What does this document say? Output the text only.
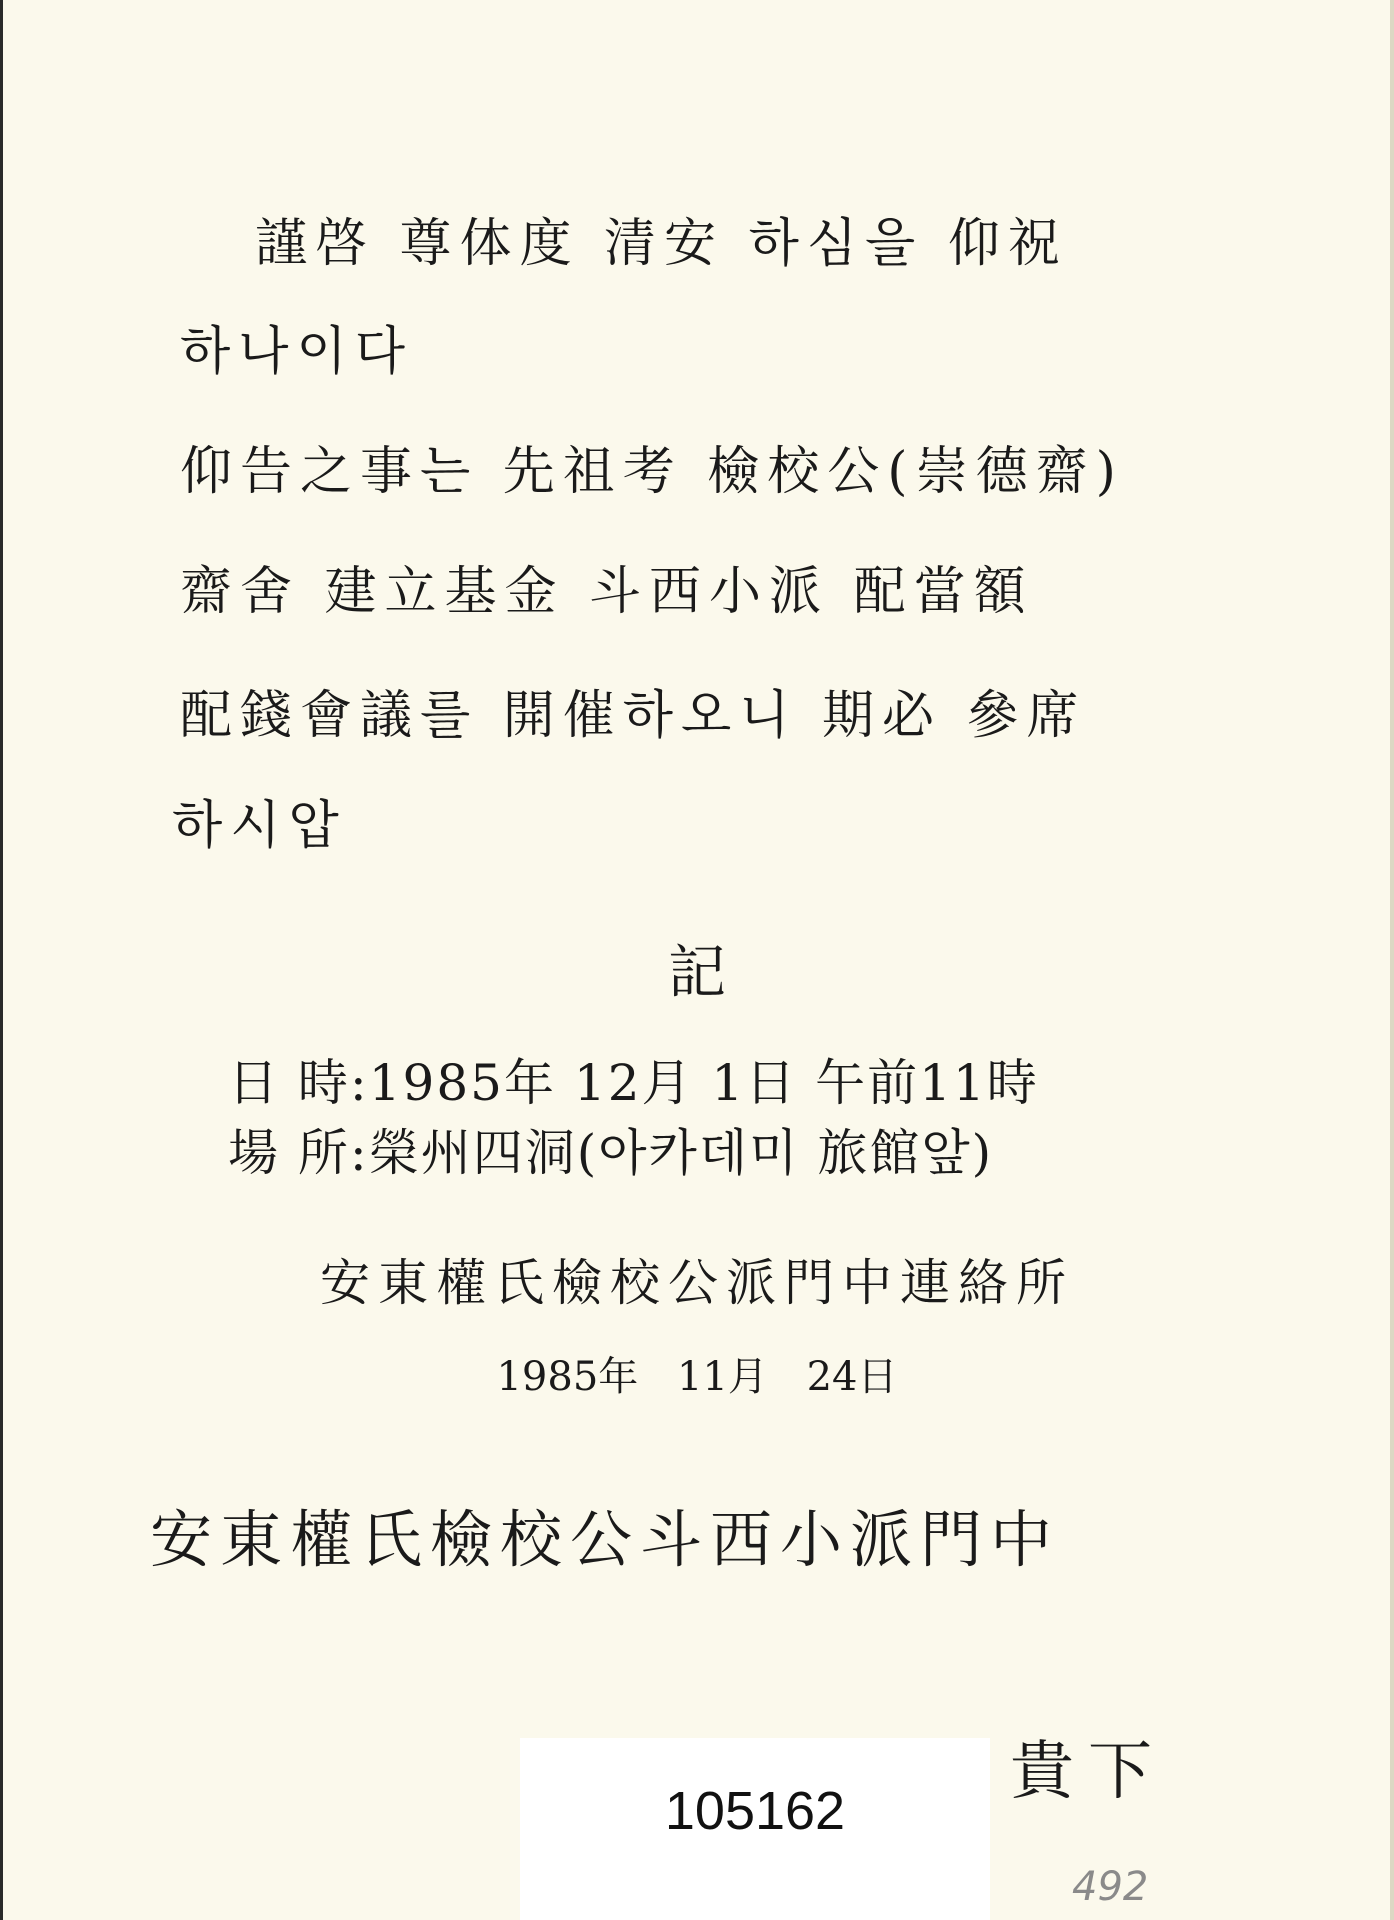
謹啓 尊体度 清安 하심을 仰祝
하나이다
仰告之事는 先祖考 檢校公(崇德齋)
齋舍 建立基金 斗西小派 配當額
配錢會議를 開催하오니 期必 參席
하시압
記
日 時:1985年 12月 1日 午前11時
場 所:榮州四洞(아카데미 旅館앞)
安東權氏檢校公派門中連絡所
1985年 11月 24日
安東權氏檢校公斗西小派門中
貴下
105162
492
